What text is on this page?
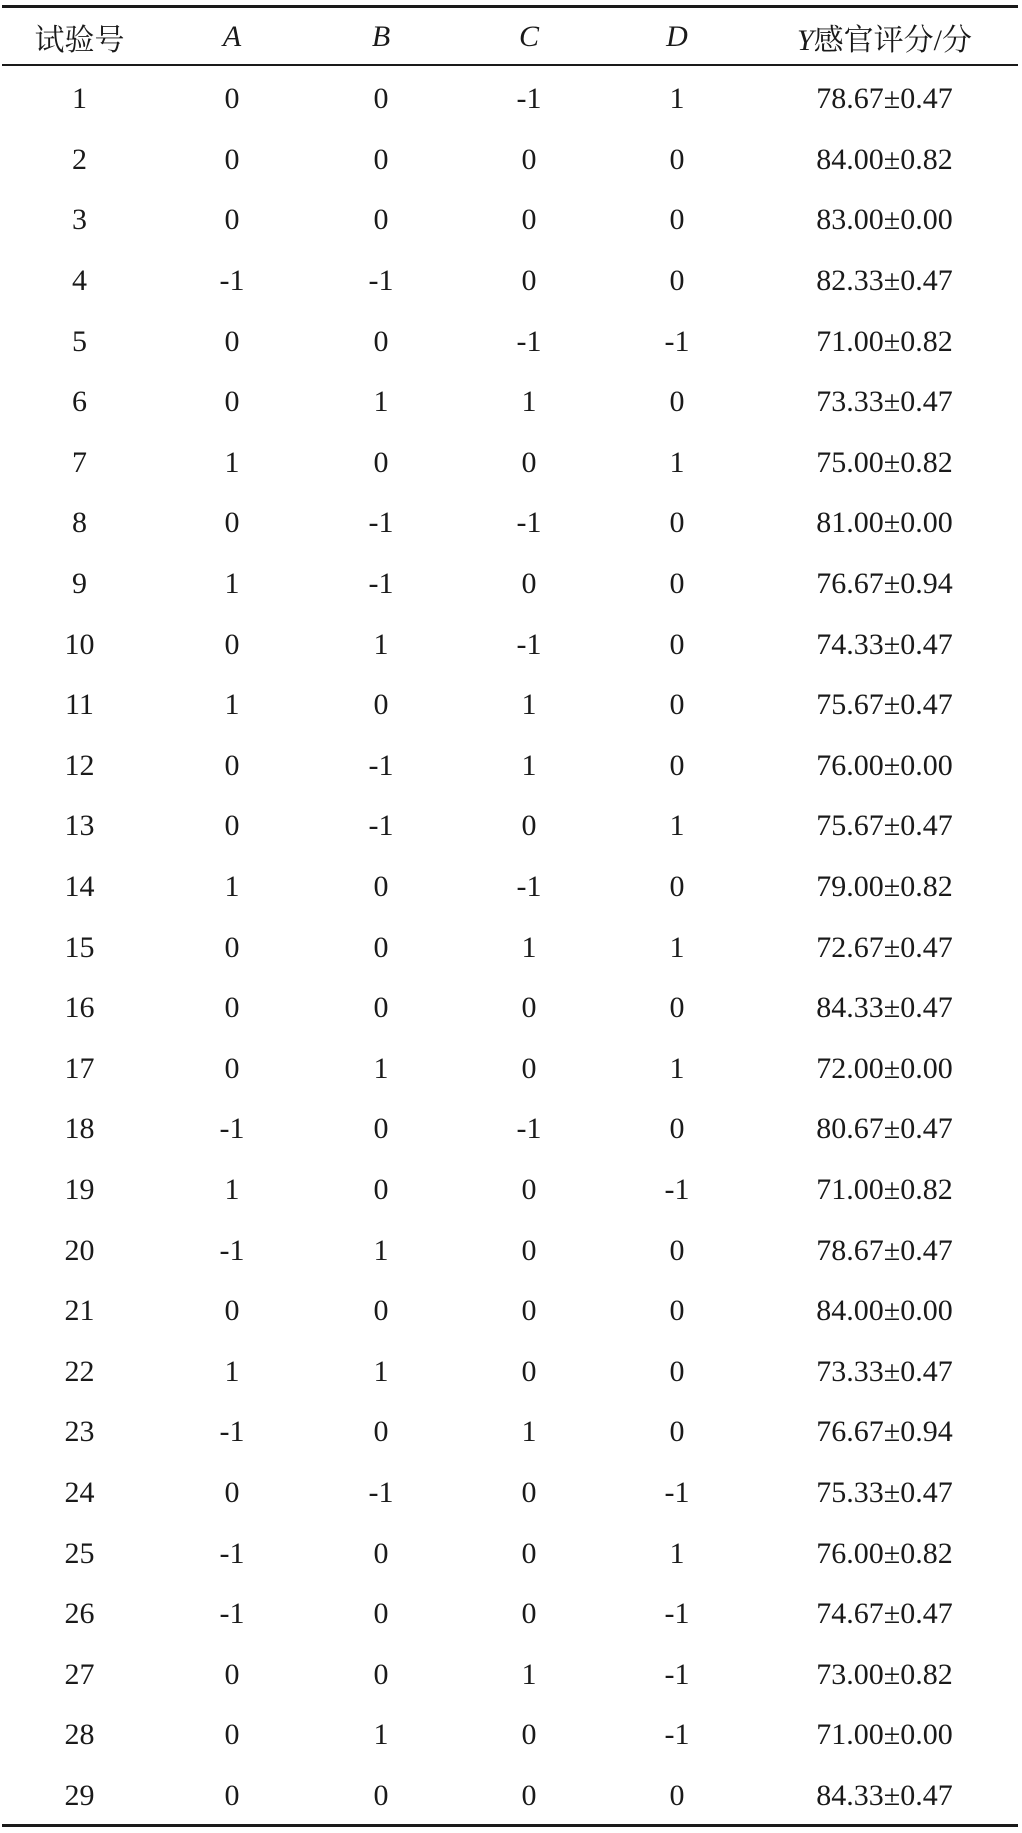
试验号	A	B	C	D	Y感官评分/分
1	0	0	-1	1	78.67±0.47
2	0	0	0	0	84.00±0.82
3	0	0	0	0	83.00±0.00
4	-1	-1	0	0	82.33±0.47
5	0	0	-1	-1	71.00±0.82
6	0	1	1	0	73.33±0.47
7	1	0	0	1	75.00±0.82
8	0	-1	-1	0	81.00±0.00
9	1	-1	0	0	76.67±0.94
10	0	1	-1	0	74.33±0.47
11	1	0	1	0	75.67±0.47
12	0	-1	1	0	76.00±0.00
13	0	-1	0	1	75.67±0.47
14	1	0	-1	0	79.00±0.82
15	0	0	1	1	72.67±0.47
16	0	0	0	0	84.33±0.47
17	0	1	0	1	72.00±0.00
18	-1	0	-1	0	80.67±0.47
19	1	0	0	-1	71.00±0.82
20	-1	1	0	0	78.67±0.47
21	0	0	0	0	84.00±0.00
22	1	1	0	0	73.33±0.47
23	-1	0	1	0	76.67±0.94
24	0	-1	0	-1	75.33±0.47
25	-1	0	0	1	76.00±0.82
26	-1	0	0	-1	74.67±0.47
27	0	0	1	-1	73.00±0.82
28	0	1	0	-1	71.00±0.00
29	0	0	0	0	84.33±0.47
